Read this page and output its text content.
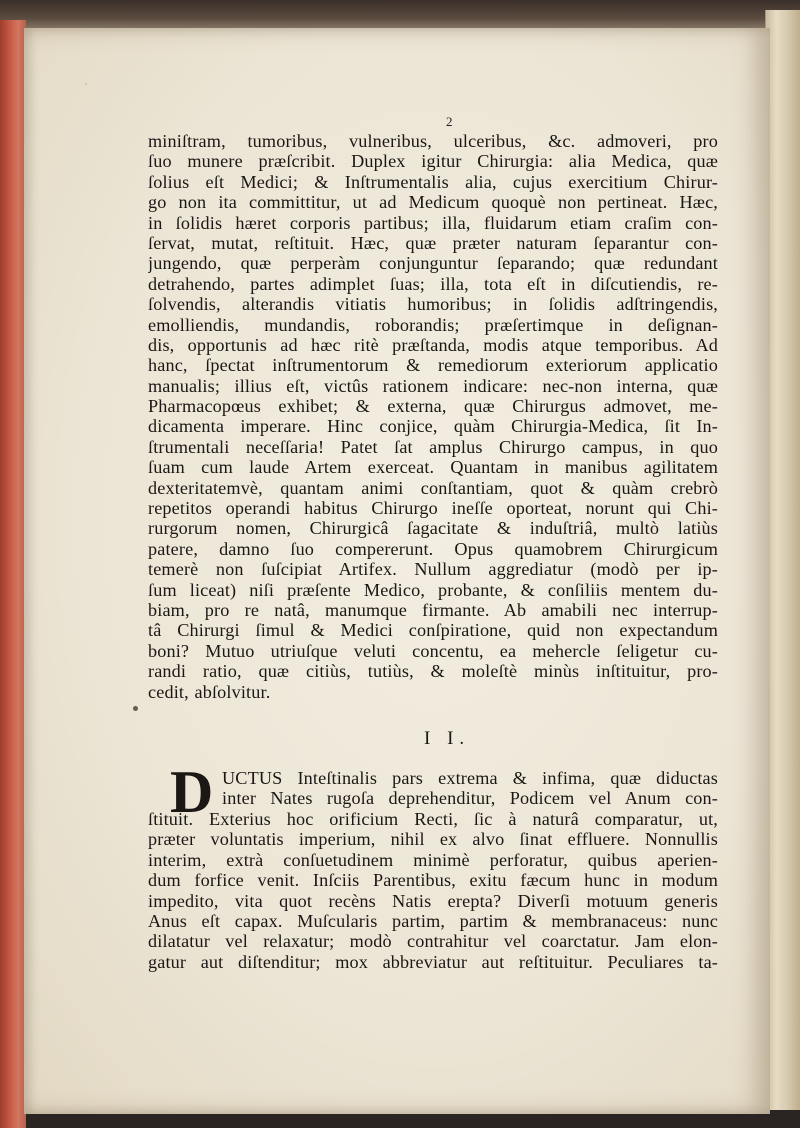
.
2
miniſtram, tumoribus, vulneribus, ulceribus, &c. admoveri, pro
ſuo munere præſcribit. Duplex igitur Chirurgia: alia Medica, quæ
ſolius eſt Medici; & Inſtrumentalis alia, cujus exercitium Chirur-
go non ita committitur, ut ad Medicum quoquè non pertineat. Hæc,
in ſolidis hæret corporis partibus; illa, fluidarum etiam craſim con-
ſervat, mutat, reſtituit. Hæc, quæ præter naturam ſeparantur con-
jungendo, quæ perperàm conjunguntur ſeparando; quæ redundant
detrahendo, partes adimplet ſuas; illa, tota eſt in diſcutiendis, re-
ſolvendis, alterandis vitiatis humoribus; in ſolidis adſtringendis,
emolliendis, mundandis, roborandis; præſertimque in deſignan-
dis, opportunis ad hæc ritè præſtanda, modis atque temporibus. Ad
hanc, ſpectat inſtrumentorum & remediorum exteriorum applicatio
manualis; illius eſt, victûs rationem indicare: nec-non interna, quæ
Pharmacopœus exhibet; & externa, quæ Chirurgus admovet, me-
dicamenta imperare. Hinc conjice, quàm Chirurgia-Medica, ſit In-
ſtrumentali neceſſaria! Patet ſat amplus Chirurgo campus, in quo
ſuam cum laude Artem exerceat. Quantam in manibus agilitatem
dexteritatemvè, quantam animi conſtantiam, quot & quàm crebrò
repetitos operandi habitus Chirurgo ineſſe oporteat, norunt qui Chi-
rurgorum nomen, Chirurgicâ ſagacitate & induſtriâ, multò latiùs
patere, damno ſuo compererunt. Opus quamobrem Chirurgicum
temerè non ſuſcipiat Artifex. Nullum aggrediatur (modò per ip-
ſum liceat) niſi præſente Medico, probante, & conſiliis mentem du-
biam, pro re natâ, manumque firmante. Ab amabili nec interrup-
tâ Chirurgi ſimul & Medici conſpiratione, quid non expectandum
boni? Mutuo utriuſque veluti concentu, ea mehercle ſeligetur cu-
randi ratio, quæ citiùs, tutiùs, & moleſtè minùs inſtituitur, pro-
cedit, abſolvitur.
I I.
D UCTUS Inteſtinalis pars extrema & infima, quæ diductas
inter Nates rugoſa deprehenditur, Podicem vel Anum con-
ſtituit. Exterius hoc orificium Recti, ſic à naturâ comparatur, ut,
præter voluntatis imperium, nihil ex alvo ſinat effluere. Nonnullis
interim, extrà conſuetudinem minimè perforatur, quibus aperien-
dum forfice venit. Inſciis Parentibus, exitu fæcum hunc in modum
impedito, vita quot recèns Natis erepta? Diverſi motuum generis
Anus eſt capax. Muſcularis partim, partim & membranaceus: nunc
dilatatur vel relaxatur; modò contrahitur vel coarctatur. Jam elon-
gatur aut diſtenditur; mox abbreviatur aut reſtituitur. Peculiares ta-
